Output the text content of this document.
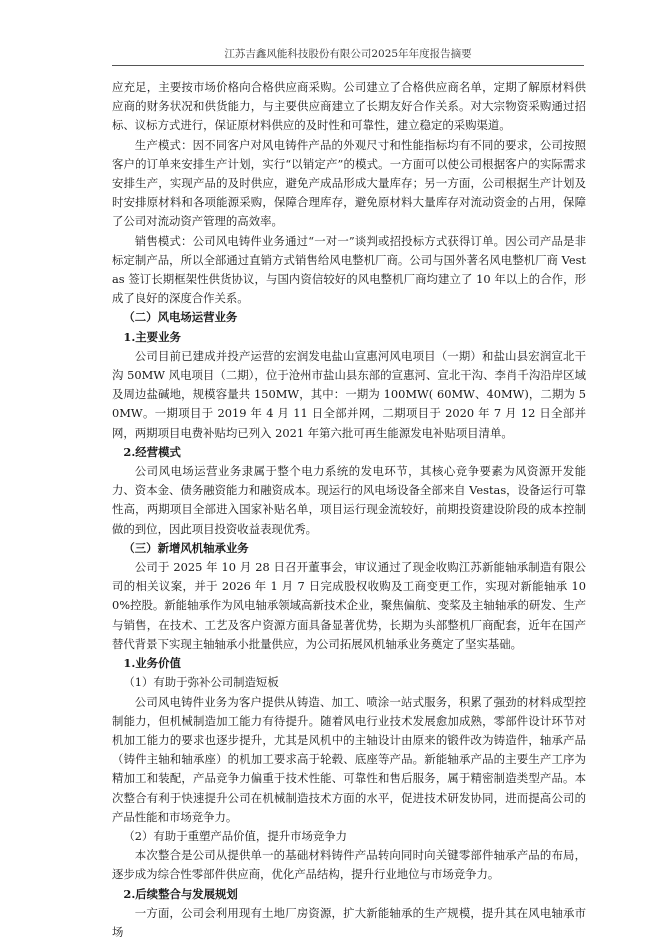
江苏吉鑫风能科技股份有限公司2025年年度报告摘要

应充足，主要按市场价格向合格供应商采购。公司建立了合格供应商名单，定期了解原材料供应商的财务状况和供货能力，与主要供应商建立了长期友好合作关系。对大宗物资采购通过招标、议标方式进行，保证原材料供应的及时性和可靠性，建立稳定的采购渠道。

生产模式：因不同客户对风电铸件产品的外观尺寸和性能指标均有不同的要求，公司按照客户的订单来安排生产计划，实行“以销定产”的模式。一方面可以使公司根据客户的实际需求安排生产，实现产品的及时供应，避免产成品形成大量库存；另一方面，公司根据生产计划及时安排原材料和各项能源采购，保障合理库存，避免原材料大量库存对流动资金的占用，保障了公司对流动资产管理的高效率。

销售模式：公司风电铸件业务通过“一对一”谈判或招投标方式获得订单。因公司产品是非标定制产品，所以全部通过直销方式销售给风电整机厂商。公司与国外著名风电整机厂商 Vestas 签订长期框架性供货协议，与国内资信较好的风电整机厂商均建立了 10 年以上的合作，形成了良好的深度合作关系。

（二）风电场运营业务

1.主要业务

公司目前已建成并投产运营的宏润发电盐山宣惠河风电项目（一期）和盐山县宏润宣北干沟 50MW 风电项目（二期），位于沧州市盐山县东部的宣惠河、宣北干沟、李肖千沟沿岸区域及周边盐碱地，规模容量共 150MW，其中：一期为 100MW( 60MW、40MW)，二期为 50MW。一期项目于 2019 年 4 月 11 日全部并网，二期项目于 2020 年 7 月 12 日全部并网，两期项目电费补贴均已列入 2021 年第六批可再生能源发电补贴项目清单。

2.经营模式

公司风电场运营业务隶属于整个电力系统的发电环节，其核心竞争要素为风资源开发能力、资本金、债务融资能力和融资成本。现运行的风电场设备全部来自 Vestas，设备运行可靠性高，两期项目全部进入国家补贴名单，项目运行现金流较好，前期投资建设阶段的成本控制做的到位，因此项目投资收益表现优秀。

（三）新增风机轴承业务

公司于 2025 年 10 月 28 日召开董事会，审议通过了现金收购江苏新能轴承制造有限公司的相关议案，并于 2026 年 1 月 7 日完成股权收购及工商变更工作，实现对新能轴承 100%控股。新能轴承作为风电轴承领域高新技术企业，聚焦偏航、变桨及主轴轴承的研发、生产与销售，在技术、工艺及客户资源方面具备显著优势，长期为头部整机厂商配套，近年在国产替代背景下实现主轴轴承小批量供应，为公司拓展风机轴承业务奠定了坚实基础。

1.业务价值

（1）有助于弥补公司制造短板

公司风电铸件业务为客户提供从铸造、加工、喷涂一站式服务，积累了强劲的材料成型控制能力，但机械制造加工能力有待提升。随着风电行业技术发展愈加成熟，零部件设计环节对机加工能力的要求也逐步提升，尤其是风机中的主轴设计由原来的锻件改为铸造件，轴承产品（铸件主轴和轴承座）的机加工要求高于轮毂、底座等产品。新能轴承产品的主要生产工序为精加工和装配，产品竞争力偏重于技术性能、可靠性和售后服务，属于精密制造类型产品。本次整合有利于快速提升公司在机械制造技术方面的水平，促进技术研发协同，进而提高公司的产品性能和市场竞争力。

（2）有助于重塑产品价值，提升市场竞争力

本次整合是公司从提供单一的基础材料铸件产品转向同时向关键零部件轴承产品的布局，逐步成为综合性零部件供应商，优化产品结构，提升行业地位与市场竞争力。

2.后续整合与发展规划

一方面，公司会利用现有土地厂房资源，扩大新能轴承的生产规模，提升其在风电轴承市场
